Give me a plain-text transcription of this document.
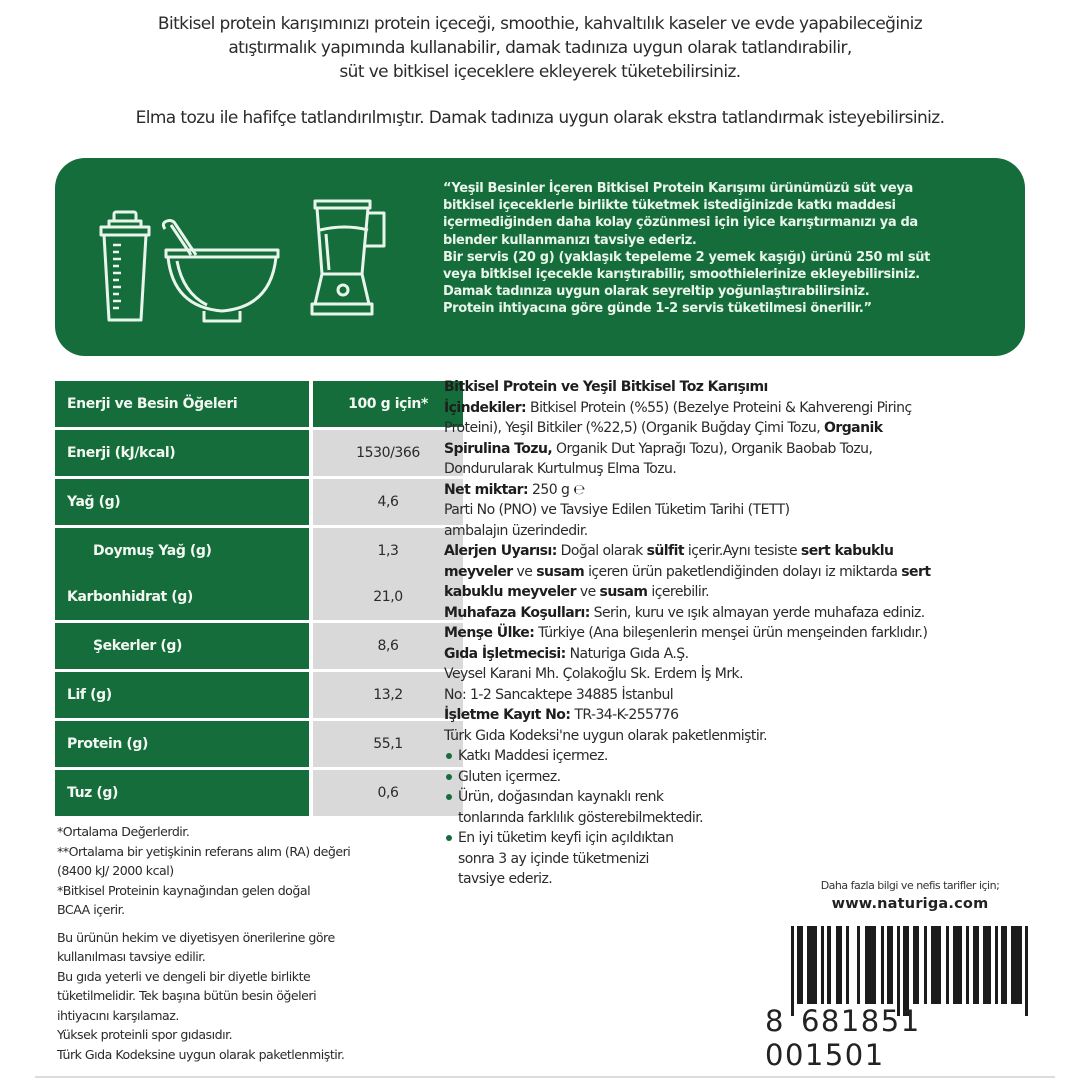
Bitkisel protein karışımınızı protein içeceği, smoothie, kahvaltılık kaseler ve evde yapabileceğiniz

atıştırmalık yapımında kullanabilir, damak tadınıza uygun olarak tatlandırabilir,

süt ve bitkisel içeceklere ekleyerek tüketebilirsiniz.

Elma tozu ile hafifçe tatlandırılmıştır. Damak tadınıza uygun olarak ekstra tatlandırmak isteyebilirsiniz.

“Yeşil Besinler İçeren Bitkisel Protein Karışımı ürünümüzü süt veya
bitkisel içeceklerle birlikte tüketmek istediğinizde katkı maddesi
içermediğinden daha kolay çözünmesi için iyice karıştırmanızı ya da
blender kullanmanızı tavsiye ederiz.
Bir servis (20 g) (yaklaşık tepeleme 2 yemek kaşığı) ürünü 250 ml süt
veya bitkisel içecekle karıştırabilir, smoothielerinize ekleyebilirsiniz.
Damak tadınıza uygun olarak seyreltip yoğunlaştırabilirsiniz.
Protein ihtiyacına göre günde 1-2 servis tüketilmesi önerilir.”
Enerji ve Besin Öğeleri	100 g için*
Enerji (kJ/kcal)	1530/366
Yağ (g)	4,6
Doymuş Yağ (g)	1,3
Karbonhidrat (g)	21,0
Şekerler (g)	8,6
Lif (g)	13,2
Protein (g)	55,1
Tuz (g)	0,6
*Ortalama Değerlerdir.
**Ortalama bir yetişkinin referans alım (RA) değeri
(8400 kJ/ 2000 kcal)
*Bitkisel Proteinin kaynağından gelen doğal
BCAA içerir.
Bu ürünün hekim ve diyetisyen önerilerine göre
kullanılması tavsiye edilir.
Bu gıda yeterli ve dengeli bir diyetle birlikte
tüketilmelidir. Tek başına bütün besin öğeleri
ihtiyacını karşılamaz.
Yüksek proteinli spor gıdasıdır.
Türk Gıda Kodeksine uygun olarak paketlenmiştir.
Bitkisel Protein ve Yeşil Bitkisel Toz Karışımı
İçindekiler: Bitkisel Protein (%55) (Bezelye Proteini & Kahverengi Pirinç
Proteini), Yeşil Bitkiler (%22,5) (Organik Buğday Çimi Tozu, Organik
Spirulina Tozu, Organik Dut Yaprağı Tozu), Organik Baobab Tozu,
Dondurularak Kurtulmuş Elma Tozu.
Net miktar: 250 g ℮
Parti No (PNO) ve Tavsiye Edilen Tüketim Tarihi (TETT)
ambalajın üzerindedir.
Alerjen Uyarısı: Doğal olarak sülfit içerir.Aynı tesiste sert kabuklu
meyveler ve susam içeren ürün paketlendiğinden dolayı iz miktarda sert
kabuklu meyveler ve susam içerebilir.
Muhafaza Koşulları: Serin, kuru ve ışık almayan yerde muhafaza ediniz.
Menşe Ülke: Türkiye (Ana bileşenlerin menşei ürün menşeinden farklıdır.)
Gıda İşletmecisi: Naturiga Gıda A.Ş.
Veysel Karani Mh. Çolakoğlu Sk. Erdem İş Mrk.
No: 1-2 Sancaktepe 34885 İstanbul
İşletme Kayıt No: TR-34-K-255776
Türk Gıda Kodeksi'ne uygun olarak paketlenmiştir.
Katkı Maddesi içermez.
Gluten içermez.
Ürün, doğasından kaynaklı renk
tonlarında farklılık gösterebilmektedir.
En iyi tüketim keyfi için açıldıktan
sonra 3 ay içinde tüketmenizi
tavsiye ederiz.	Daha fazla bilgi ve nefis tarifler için;
www.naturiga.com
8 681851001501
